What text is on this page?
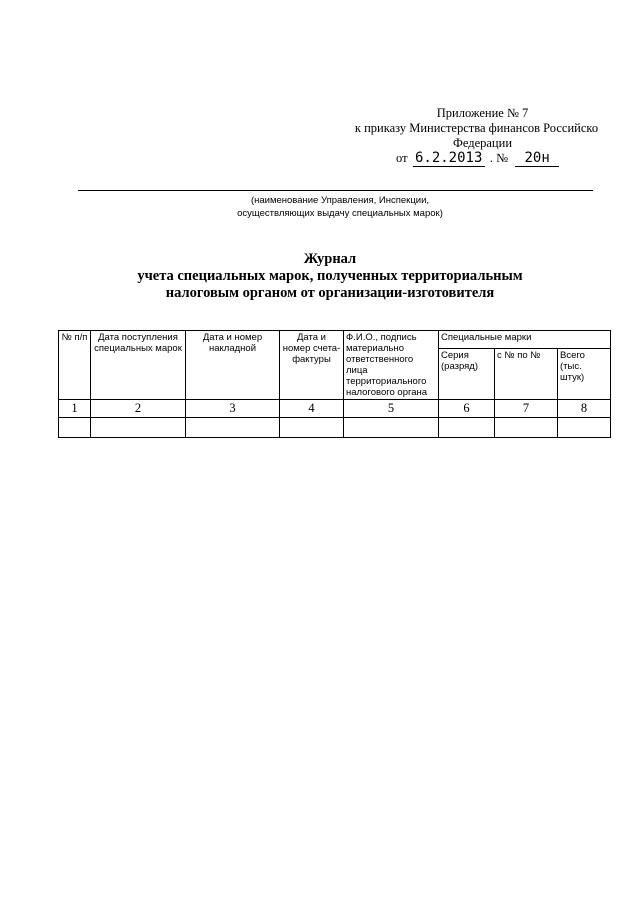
Приложение № 7
к приказу Министерства финансов Российско
Федерации
от 6.2.2013 . № 20н
(наименование Управления, Инспекции,
осуществляющих выдачу специальных марок)
Журнал
учета специальных марок, полученных территориальным
налоговым органом от организации-изготовителя
№ п/п	Дата поступления специальных марок	Дата и номер накладной	Дата и номер счета-фактуры	Ф.И.О., подпись материально ответственного лица территориального налогового органа	Специальные марки		
					Серия (разряд)	с № по №	Всего (тыс. штук)
1	2	3	4	5	6	7	8
